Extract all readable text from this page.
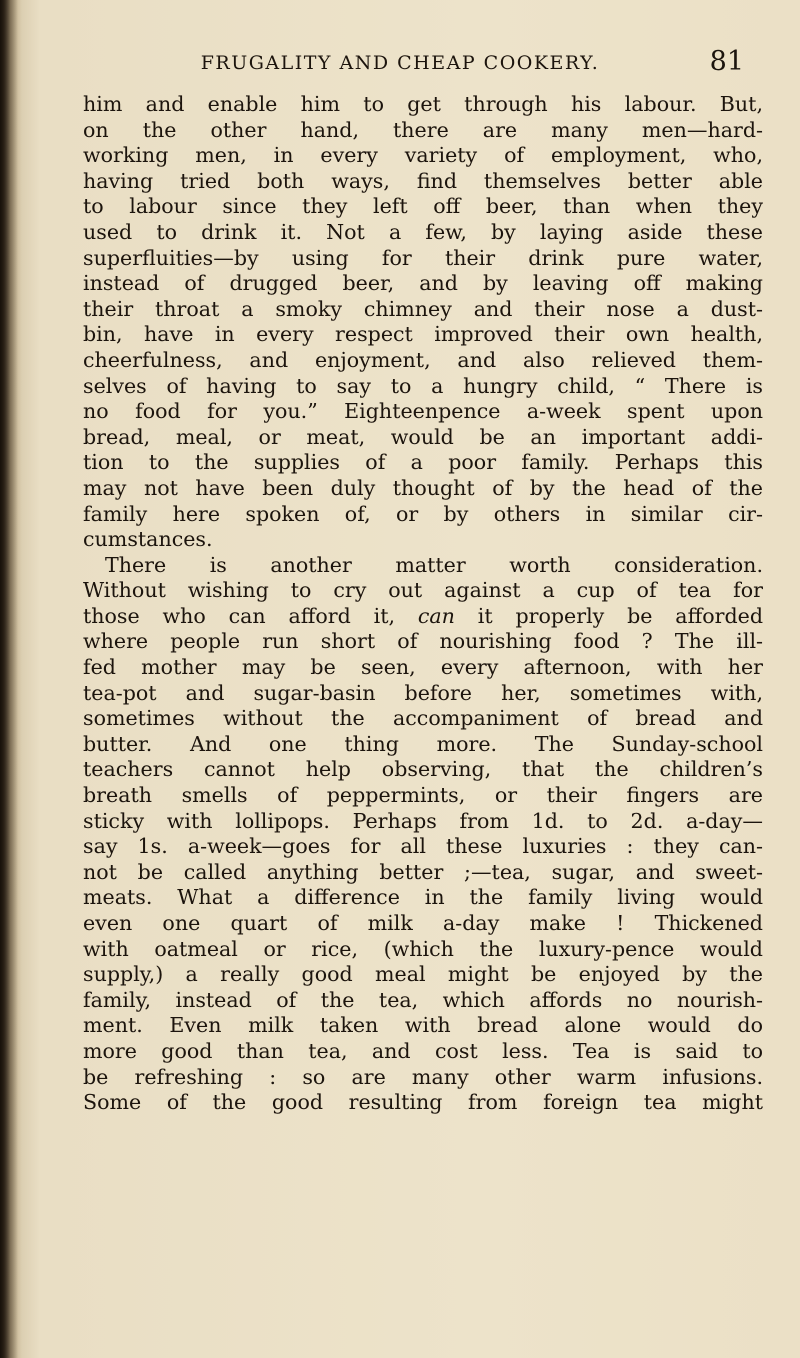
FRUGALITY AND CHEAP COOKERY.	81
him and enable him to get through his labour. But,
on the other hand, there are many men—hard-
working men, in every variety of employment, who,
having tried both ways, find themselves better able
to labour since they left off beer, than when they
used to drink it. Not a few, by laying aside these
superfluities—by using for their drink pure water,
instead of drugged beer, and by leaving off making
their throat a smoky chimney and their nose a dust-
bin, have in every respect improved their own health,
cheerfulness, and enjoyment, and also relieved them-
selves of having to say to a hungry child, “ There is
no food for you.” Eighteenpence a-week spent upon
bread, meal, or meat, would be an important addi-
tion to the supplies of a poor family. Perhaps this
may not have been duly thought of by the head of the
family here spoken of, or by others in similar cir-
cumstances.
There is another matter worth consideration.
Without wishing to cry out against a cup of tea for
those who can afford it, can it properly be afforded
where people run short of nourishing food ? The ill-
fed mother may be seen, every afternoon, with her
tea-pot and sugar-basin before her, sometimes with,
sometimes without the accompaniment of bread and
butter. And one thing more. The Sunday-school
teachers cannot help observing, that the children’s
breath smells of peppermints, or their fingers are
sticky with lollipops. Perhaps from 1d. to 2d. a-day—
say 1s. a-week—goes for all these luxuries : they can-
not be called anything better ;—tea, sugar, and sweet-
meats. What a difference in the family living would
even one quart of milk a-day make ! Thickened
with oatmeal or rice, (which the luxury-pence would
supply,) a really good meal might be enjoyed by the
family, instead of the tea, which affords no nourish-
ment. Even milk taken with bread alone would do
more good than tea, and cost less. Tea is said to
be refreshing : so are many other warm infusions.
Some of the good resulting from foreign tea might
